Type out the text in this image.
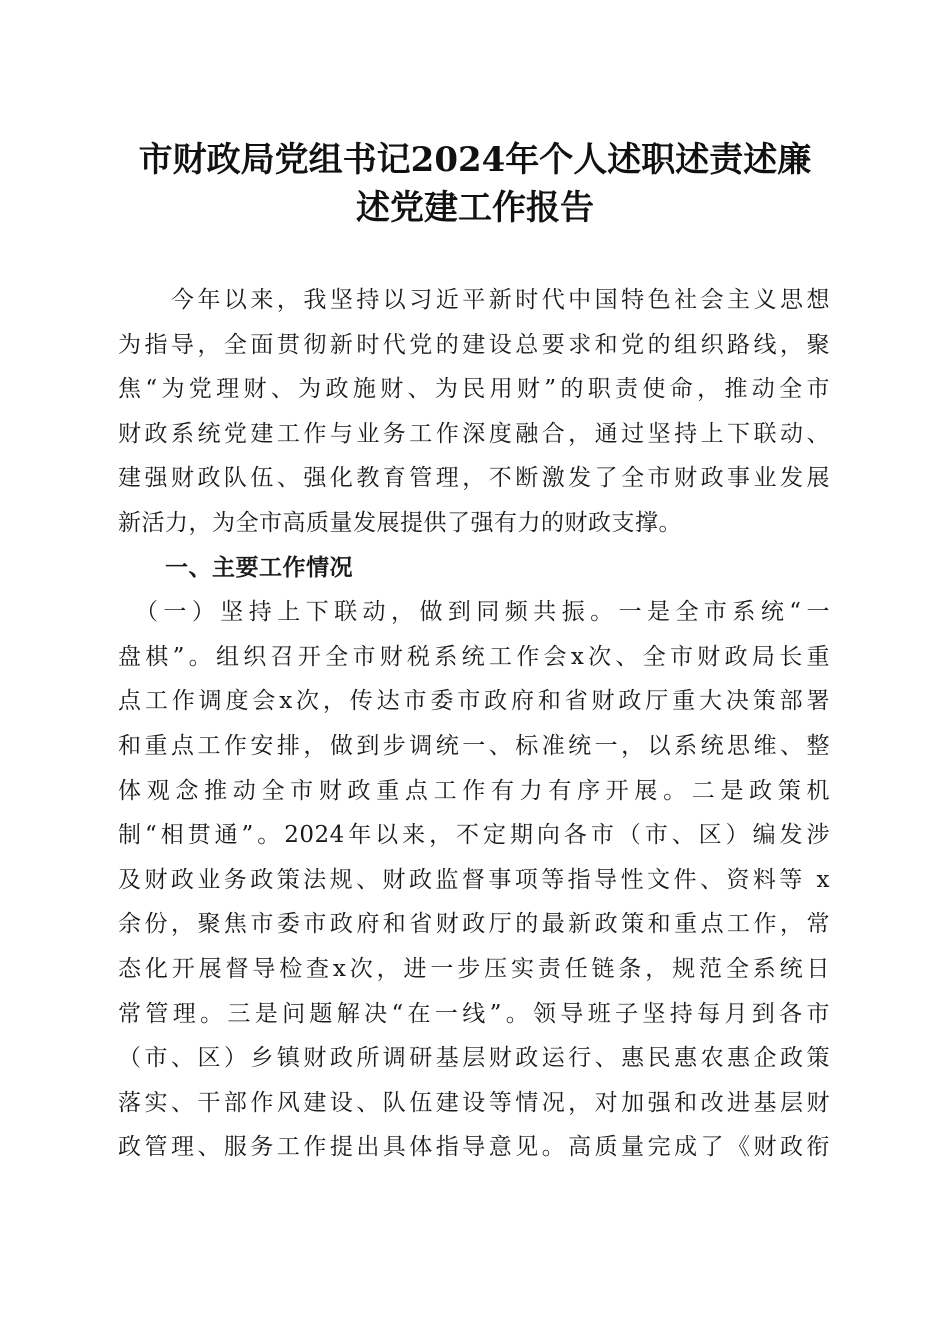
市财政局党组书记2024年个人述职述责述廉
述党建工作报告
　　今年以来，我坚持以习近平新时代中国特色社会主义思想
为指导，全面贯彻新时代党的建设总要求和党的组织路线，聚
焦“为党理财、为政施财、为民用财”的职责使命，推动全市
财政系统党建工作与业务工作深度融合，通过坚持上下联动、
建强财政队伍、强化教育管理，不断激发了全市财政事业发展
新活力，为全市高质量发展提供了强有力的财政支撑。
　　一、主要工作情况
　（一）坚持上下联动，做到同频共振。一是全市系统“一
盘棋”。组织召开全市财税系统工作会x次、全市财政局长重
点工作调度会x次，传达市委市政府和省财政厅重大决策部署
和重点工作安排，做到步调统一、标准统一，以系统思维、整
体观念推动全市财政重点工作有力有序开展。二是政策机
制“相贯通”。2024年以来，不定期向各市（市、区）编发涉
及财政业务政策法规、财政监督事项等指导性文件、资料等 x
余份，聚焦市委市政府和省财政厅的最新政策和重点工作，常
态化开展督导检查x次，进一步压实责任链条，规范全系统日
常管理。三是问题解决“在一线”。领导班子坚持每月到各市
（市、区）乡镇财政所调研基层财政运行、惠民惠农惠企政策
落实、干部作风建设、队伍建设等情况，对加强和改进基层财
政管理、服务工作提出具体指导意见。高质量完成了《财政衔
